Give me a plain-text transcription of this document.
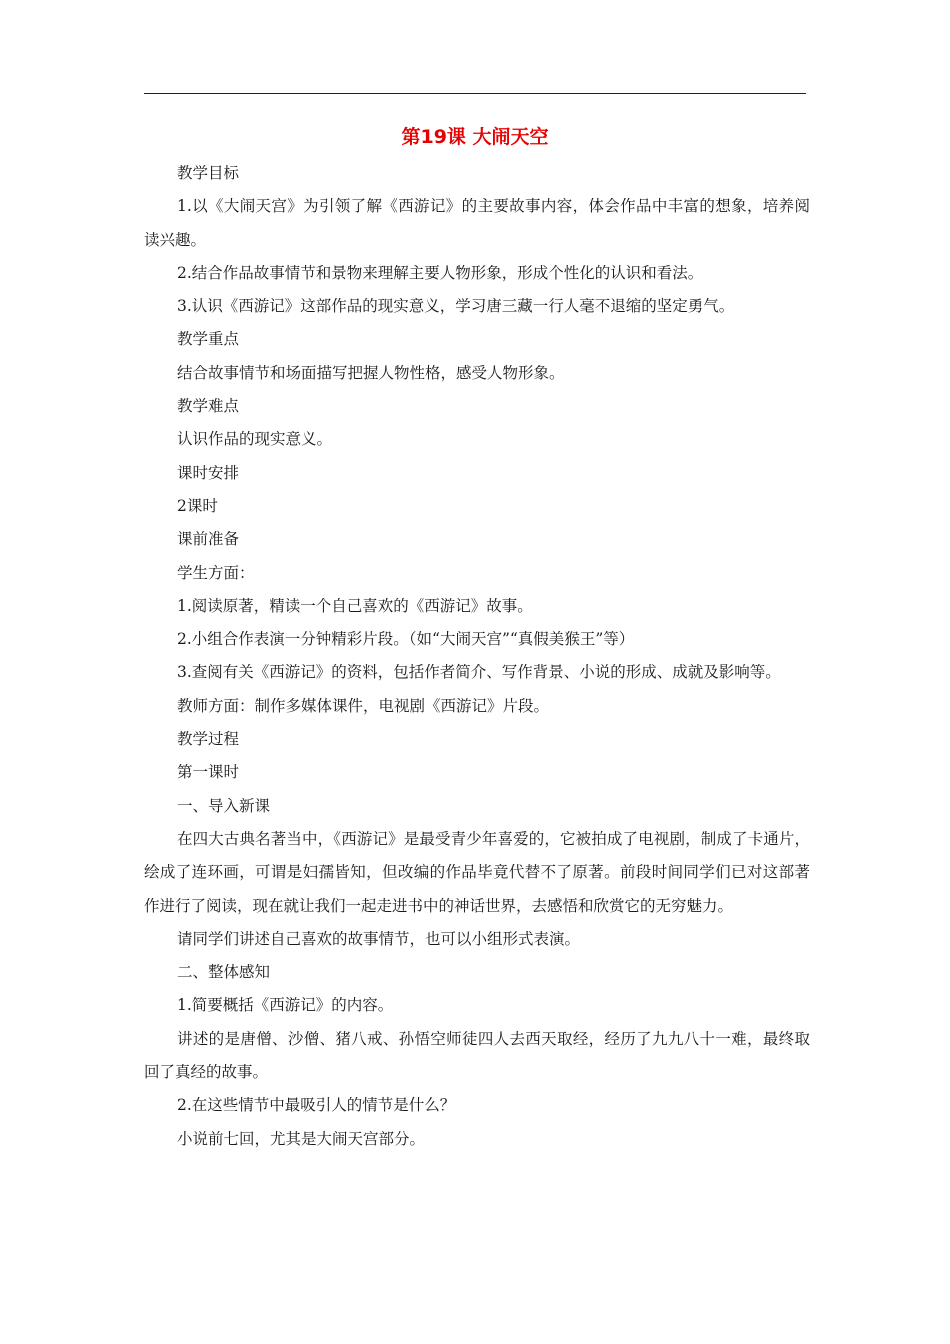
第19课 大闹天空

教学目标

1.以《大闹天宫》为引领了解《西游记》的主要故事内容，体会作品中丰富的想象，培养阅读兴趣。

2.结合作品故事情节和景物来理解主要人物形象，形成个性化的认识和看法。

3.认识《西游记》这部作品的现实意义，学习唐三藏一行人毫不退缩的坚定勇气。

教学重点

结合故事情节和场面描写把握人物性格，感受人物形象。

教学难点

认识作品的现实意义。

课时安排

2课时

课前准备

学生方面：

1.阅读原著，精读一个自己喜欢的《西游记》故事。

2.小组合作表演一分钟精彩片段。（如“大闹天宫”“真假美猴王”等）

3.查阅有关《西游记》的资料，包括作者简介、写作背景、小说的形成、成就及影响等。

教师方面：制作多媒体课件，电视剧《西游记》片段。

教学过程

第一课时

一、导入新课

在四大古典名著当中，《西游记》是最受青少年喜爱的，它被拍成了电视剧，制成了卡通片，绘成了连环画，可谓是妇孺皆知，但改编的作品毕竟代替不了原著。前段时间同学们已对这部著作进行了阅读，现在就让我们一起走进书中的神话世界，去感悟和欣赏它的无穷魅力。

请同学们讲述自己喜欢的故事情节，也可以小组形式表演。

二、整体感知

1.简要概括《西游记》的内容。

讲述的是唐僧、沙僧、猪八戒、孙悟空师徒四人去西天取经，经历了九九八十一难，最终取回了真经的故事。

2.在这些情节中最吸引人的情节是什么？

小说前七回，尤其是大闹天宫部分。
